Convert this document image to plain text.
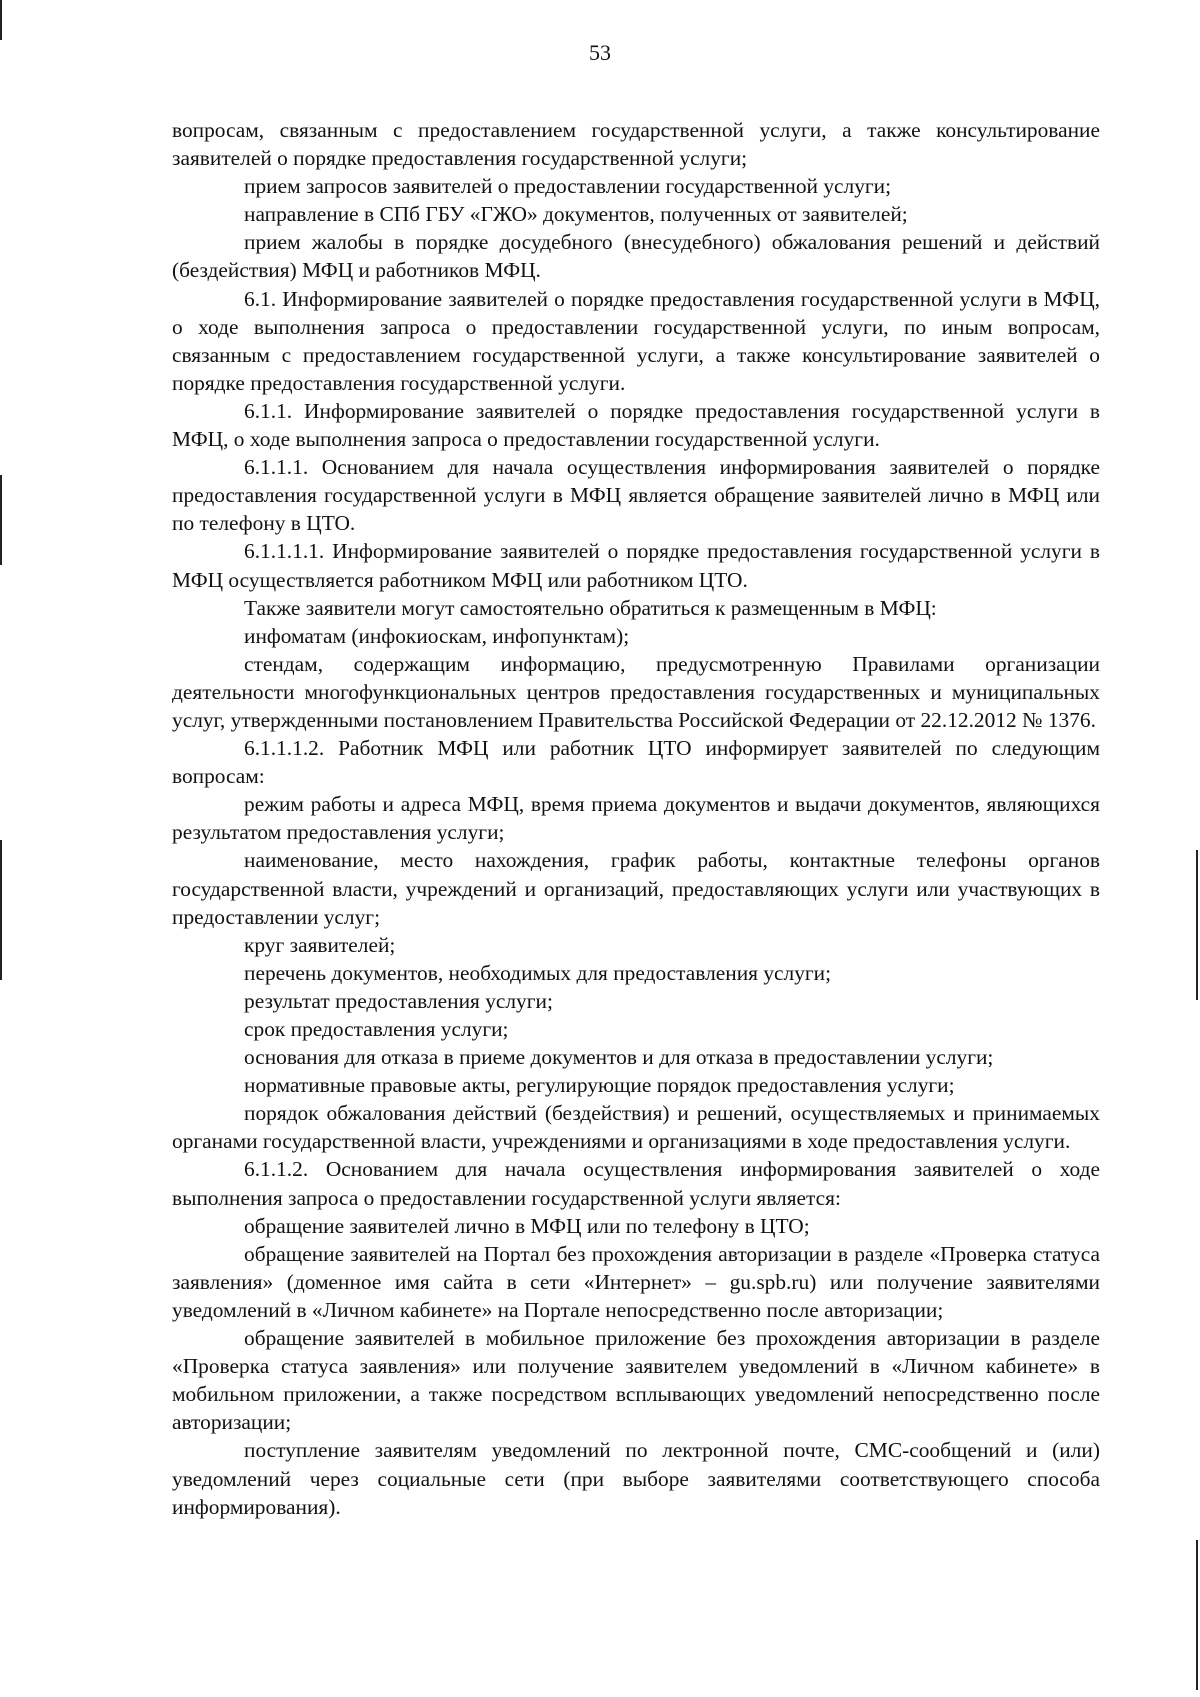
53

вопросам, связанным с предоставлением государственной услуги, а также консультирование заявителей о порядке предоставления государственной услуги;

прием запросов заявителей о предоставлении государственной услуги;

направление в СПб ГБУ «ГЖО» документов, полученных от заявителей;

прием жалобы в порядке досудебного (внесудебного) обжалования решений и действий (бездействия) МФЦ и работников МФЦ.

6.1. Информирование заявителей о порядке предоставления государственной услуги в МФЦ, о ходе выполнения запроса о предоставлении государственной услуги, по иным вопросам, связанным с предоставлением государственной услуги, а также консультирование заявителей о порядке предоставления государственной услуги.

6.1.1. Информирование заявителей о порядке предоставления государственной услуги в МФЦ, о ходе выполнения запроса о предоставлении государственной услуги.

6.1.1.1. Основанием для начала осуществления информирования заявителей о порядке предоставления государственной услуги в МФЦ является обращение заявителей лично в МФЦ или по телефону в ЦТО.

6.1.1.1.1. Информирование заявителей о порядке предоставления государственной услуги в МФЦ осуществляется работником МФЦ или работником ЦТО.

Также заявители могут самостоятельно обратиться к размещенным в МФЦ:

инфоматам (инфокиоскам, инфопунктам);

стендам, содержащим информацию, предусмотренную Правилами организации деятельности многофункциональных центров предоставления государственных и муниципальных услуг, утвержденными постановлением Правительства Российской Федерации от 22.12.2012 № 1376.

6.1.1.1.2. Работник МФЦ или работник ЦТО информирует заявителей по следующим вопросам:

режим работы и адреса МФЦ, время приема документов и выдачи документов, являющихся результатом предоставления услуги;

наименование, место нахождения, график работы, контактные телефоны органов государственной власти, учреждений и организаций, предоставляющих услуги или участвующих в предоставлении услуг;

круг заявителей;

перечень документов, необходимых для предоставления услуги;

результат предоставления услуги;

срок предоставления услуги;

основания для отказа в приеме документов и для отказа в предоставлении услуги;

нормативные правовые акты, регулирующие порядок предоставления услуги;

порядок обжалования действий (бездействия) и решений, осуществляемых и принимаемых органами государственной власти, учреждениями и организациями в ходе предоставления услуги.

6.1.1.2. Основанием для начала осуществления информирования заявителей о ходе выполнения запроса о предоставлении государственной услуги является:

обращение заявителей лично в МФЦ или по телефону в ЦТО;

обращение заявителей на Портал без прохождения авторизации в разделе «Проверка статуса заявления» (доменное имя сайта в сети «Интернет» – gu.spb.ru) или получение заявителями уведомлений в «Личном кабинете» на Портале непосредственно после авторизации;

обращение заявителей в мобильное приложение без прохождения авторизации в разделе «Проверка статуса заявления» или получение заявителем уведомлений в «Личном кабинете» в мобильном приложении, а также посредством всплывающих уведомлений непосредственно после авторизации;

поступление заявителям уведомлений по лектронной почте, СМС-сообщений и (или) уведомлений через социальные сети (при выборе заявителями соответствующего способа информирования).
